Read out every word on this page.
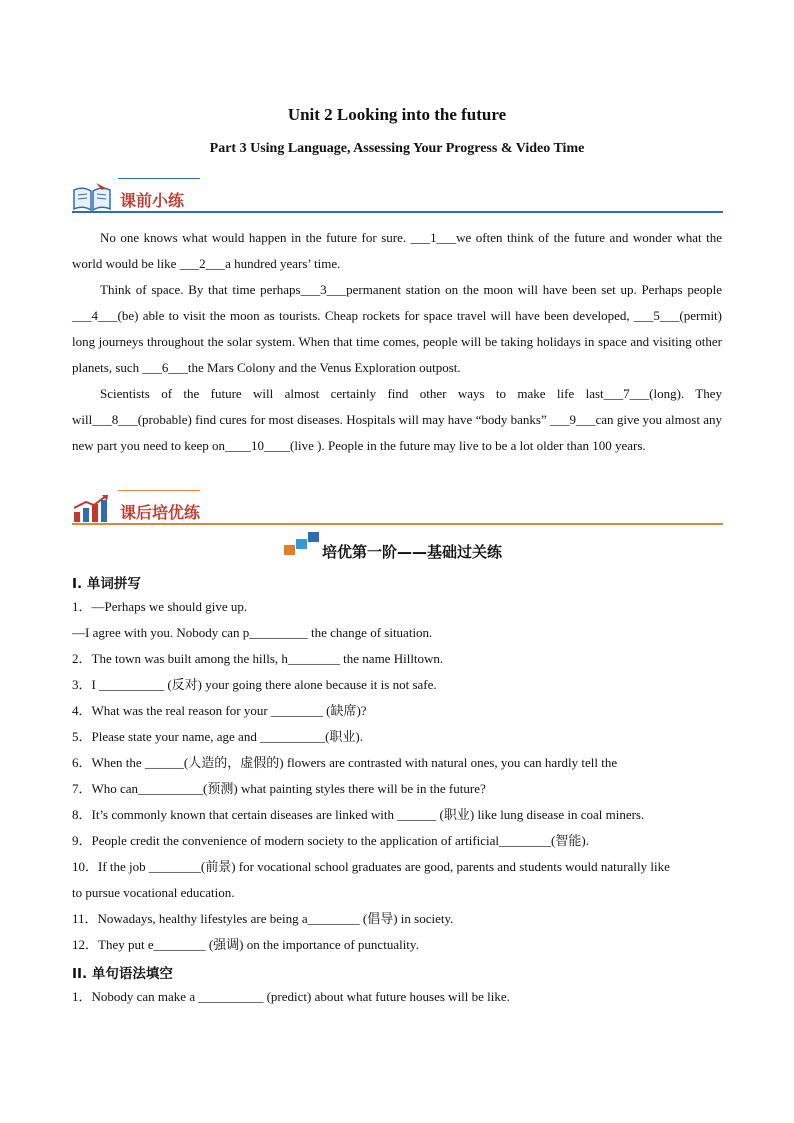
Unit 2 Looking into the future
Part 3 Using Language, Assessing Your Progress & Video Time
课前小练
No one knows what would happen in the future for sure. ___1___we often think of the future and wonder what the world would be like ___2___a hundred years’ time.
Think of space. By that time perhaps___3___permanent station on the moon will have been set up. Perhaps people ___4___(be) able to visit the moon as tourists. Cheap rockets for space travel will have been developed, ___5___(permit) long journeys throughout the solar system. When that time comes, people will be taking holidays in space and visiting other planets, such ___6___the Mars Colony and the Venus Exploration outpost.
Scientists of the future will almost certainly find other ways to make life last___7___(long). They will___8___(probable) find cures for most diseases. Hospitals will may have “body banks” ___9___can give you almost any new part you need to keep on____10____(live ). People in the future may live to be a lot older than 100 years.
课后培优练
培优第一阶——基础过关练
I. 单词拼写
1．—Perhaps we should give up.
—I agree with you. Nobody can p_________ the change of situation.
2．The town was built among the hills, h________ the name Hilltown.
3．I __________ (反对) your going there alone because it is not safe.
4．What was the real reason for your ________ (缺席)?
5．Please state your name, age and __________(职业).
6．When the ______(人造的，虚假的) flowers are contrasted with natural ones, you can hardly tell the
7．Who can__________(预测) what painting styles there will be in the future?
8．It’s commonly known that certain diseases are linked with ______ (职业) like lung disease in coal miners.
9．People credit the convenience of modern society to the application of artificial________(智能).
10．If the job ________(前景) for vocational school graduates are good, parents and students would naturally like
to pursue vocational education.
11．Nowadays, healthy lifestyles are being a________ (倡导) in society.
12．They put e________ (强调) on the importance of punctuality.
II. 单句语法填空
1．Nobody can make a __________ (predict) about what future houses will be like.
